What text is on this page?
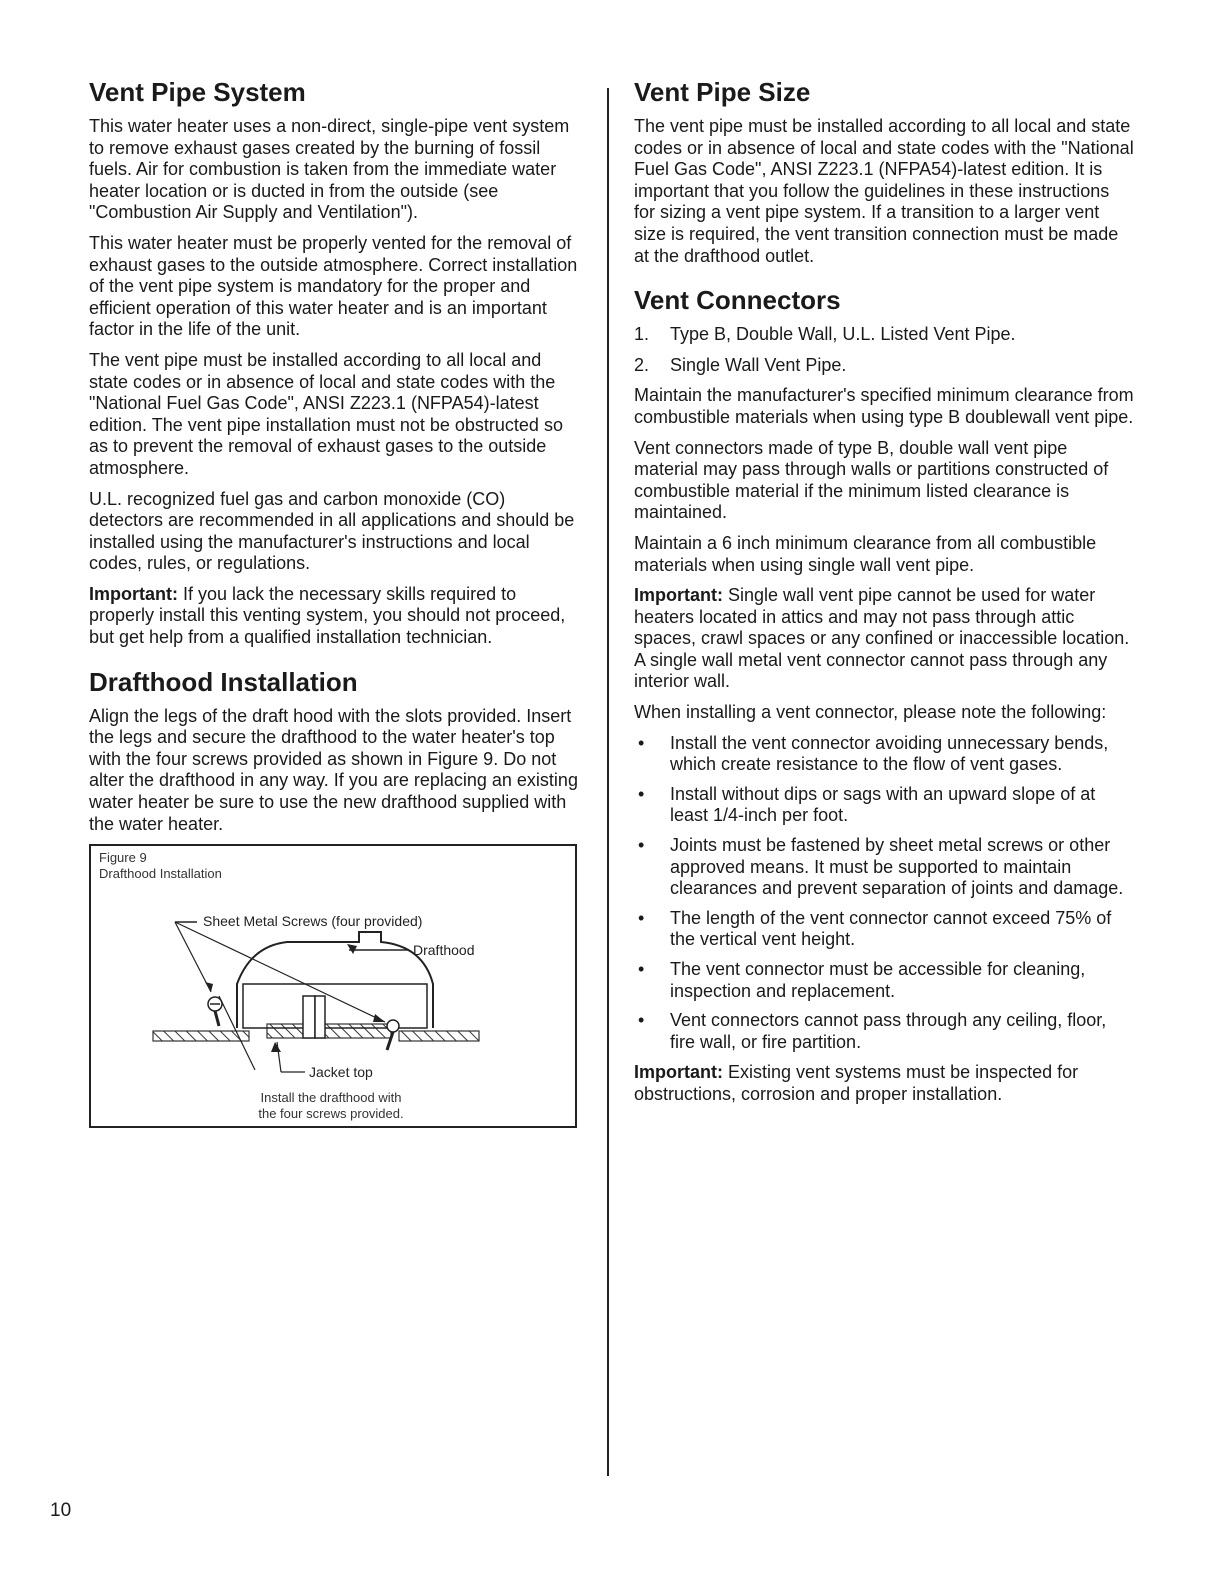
Vent Pipe System

This water heater uses a non-direct, single-pipe vent system to remove exhaust gases created by the burning of fossil fuels. Air for combustion is taken from the immediate water heater location or is ducted in from the outside (see "Combustion Air Supply and Ventilation").

This water heater must be properly vented for the removal of exhaust gases to the outside atmosphere. Correct installation of the vent pipe system is mandatory for the proper and efficient operation of this water heater and is an important factor in the life of the unit.

The vent pipe must be installed according to all local and state codes or in absence of local and state codes with the "National Fuel Gas Code", ANSI Z223.1 (NFPA54)-latest edition. The vent pipe installation must not be obstructed so as to prevent the removal of exhaust gases to the outside atmosphere.

U.L. recognized fuel gas and carbon monoxide (CO) detectors are recommended in all applications and should be installed using the manufacturer's instructions and local codes, rules, or regulations.

Important: If you lack the necessary skills required to properly install this venting system, you should not proceed, but get help from a qualified installation technician.

Drafthood Installation

Align the legs of the draft hood with the slots provided. Insert the legs and secure the drafthood to the water heater's top with the four screws provided as shown in Figure 9. Do not alter the drafthood in any way. If you are replacing an existing water heater be sure to use the new drafthood supplied with the water heater.

Figure 9
Drafthood Installation
Sheet Metal Screws (four provided)
Drafthood
Jacket top
Install the drafthood with
the four screws provided.
Vent Pipe Size

The vent pipe must be installed according to all local and state codes or in absence of local and state codes with the "National Fuel Gas Code", ANSI Z223.1 (NFPA54)-latest edition. It is important that you follow the guidelines in these instructions for sizing a vent pipe system. If a transition to a larger vent size is required, the vent transition connection must be made at the drafthood outlet.

Vent Connectors
1.	Type B, Double Wall, U.L. Listed Vent Pipe.
2.	Single Wall Vent Pipe.

Maintain the manufacturer's specified minimum clearance from combustible materials when using type B doublewall vent pipe.

Vent connectors made of type B, double wall vent pipe material may pass through walls or partitions constructed of combustible material if the minimum listed clearance is maintained.

Maintain a 6 inch minimum clearance from all combustible materials when using single wall vent pipe.

Important: Single wall vent pipe cannot be used for water heaters located in attics and may not pass through attic spaces, crawl spaces or any confined or inaccessible location. A single wall metal vent connector cannot pass through any interior wall.

When installing a vent connector, please note the following:

•	Install the vent connector avoiding unnecessary bends, which create resistance to the flow of vent gases.
•	Install without dips or sags with an upward slope of at least 1/4-inch per foot.
•	Joints must be fastened by sheet metal screws or other approved means. It must be supported to maintain clearances and prevent separation of joints and damage.
•	The length of the vent connector cannot exceed 75% of the vertical vent height.
•	The vent connector must be accessible for cleaning, inspection and replacement.
•	Vent connectors cannot pass through any ceiling, floor, fire wall, or fire partition.

Important: Existing vent systems must be inspected for obstructions, corrosion and proper installation.

10
